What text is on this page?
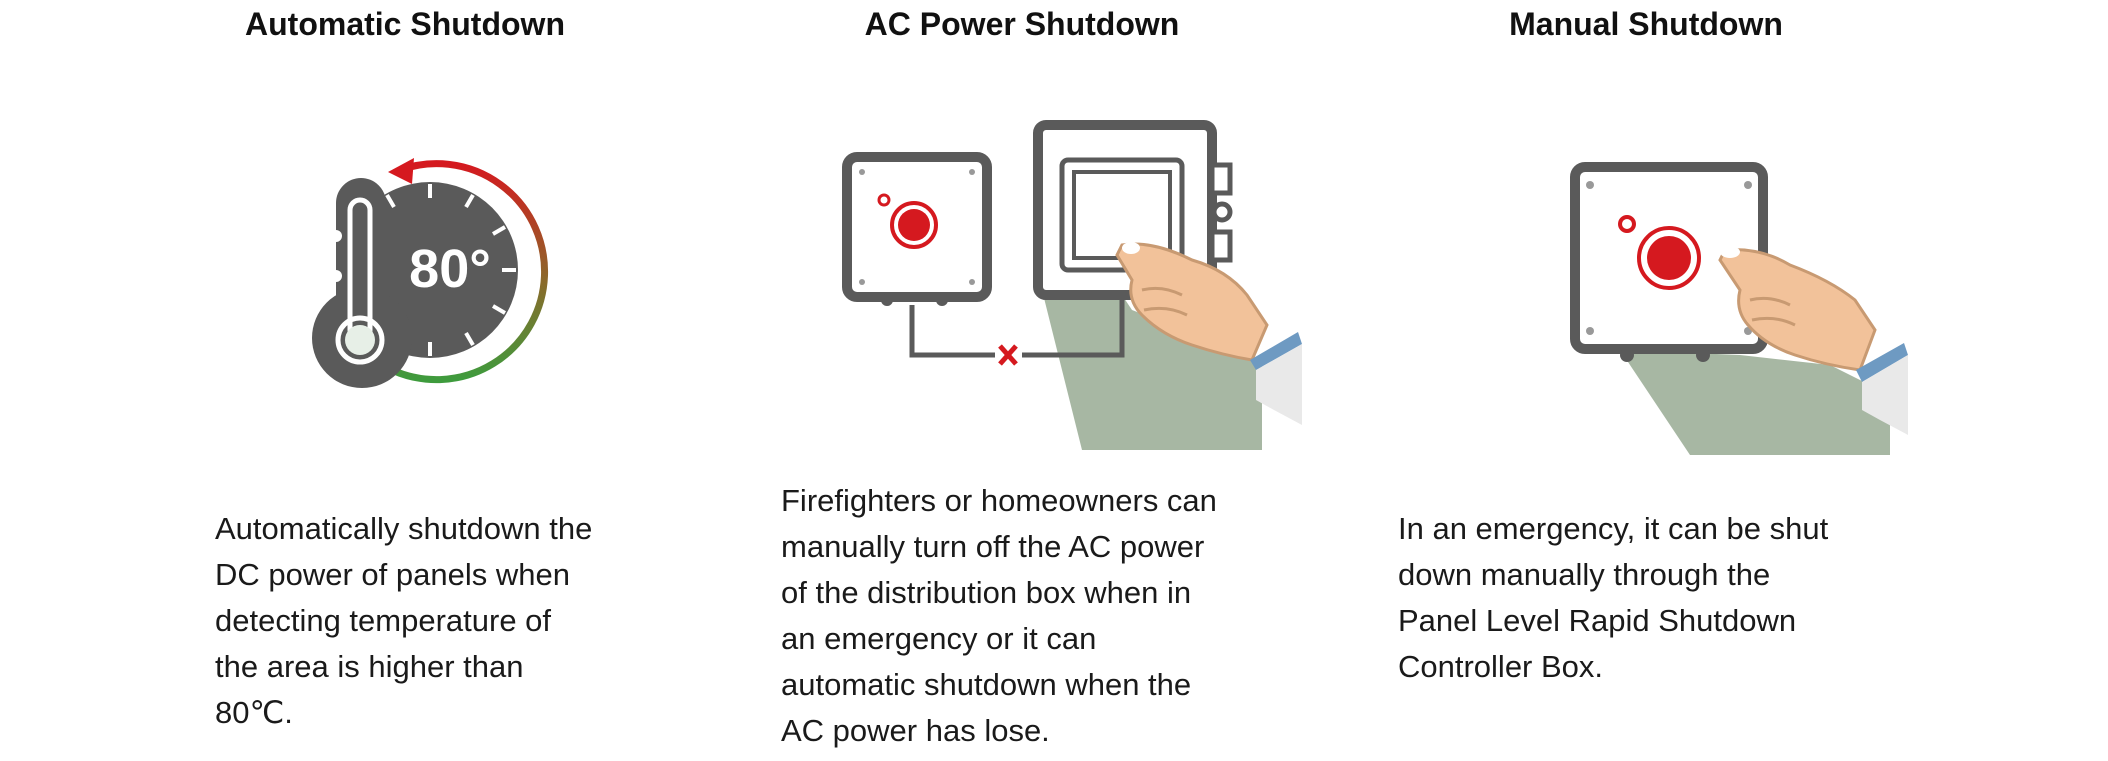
Automatic Shutdown
80°
Automatically shutdown the
DC power of panels when
detecting temperature of
the area is higher than
80℃.
AC Power Shutdown
Firefighters or homeowners can
manually turn off the AC power
of the distribution box when in
an emergency or it can
automatic shutdown when the
AC power has lose.
Manual Shutdown
In an emergency, it can be shut
down manually through the
Panel Level Rapid Shutdown
Controller Box.
